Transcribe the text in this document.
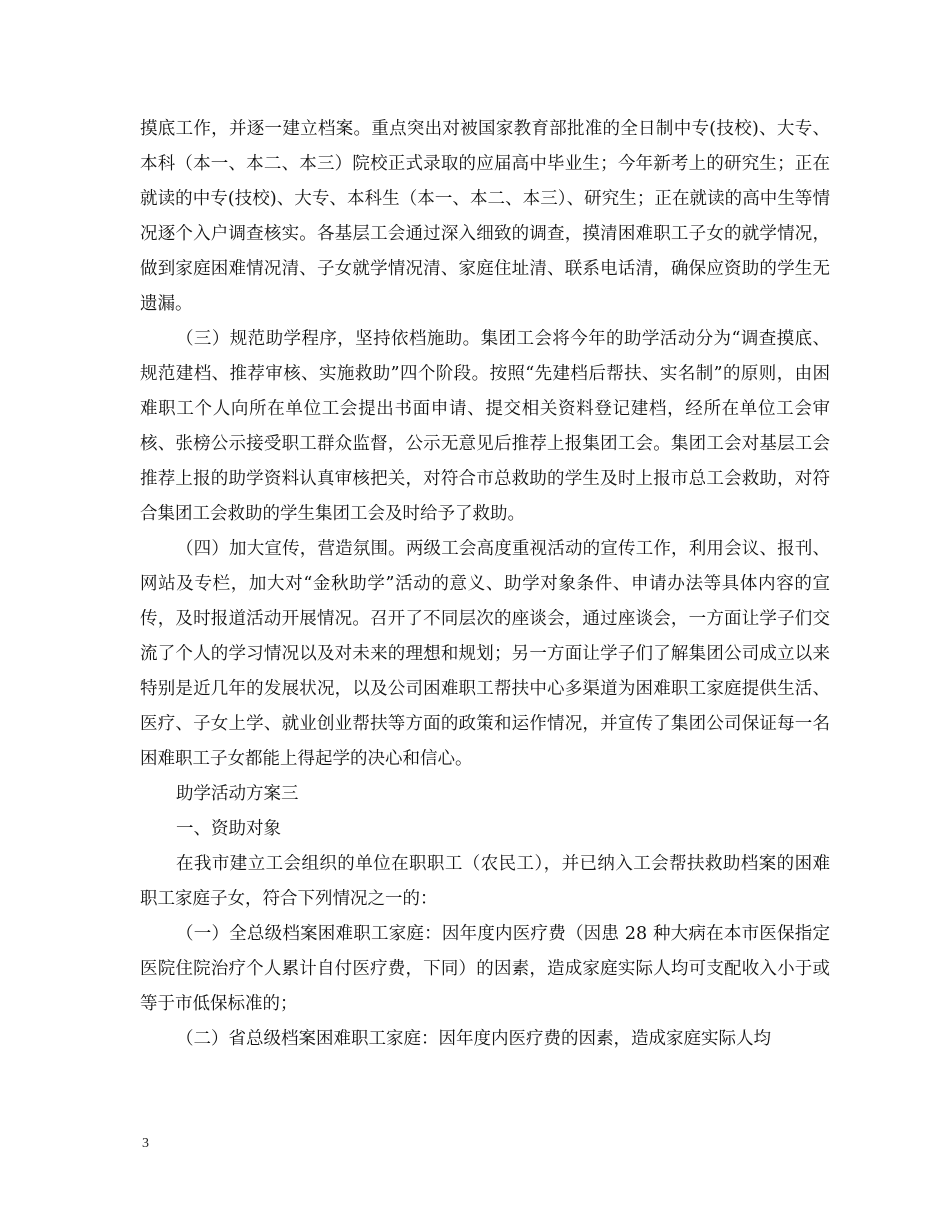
摸底工作，并逐一建立档案。重点突出对被国家教育部批准的全日制中专(技校)、大专、本科（本一、本二、本三）院校正式录取的应届高中毕业生；今年新考上的研究生；正在就读的中专(技校)、大专、本科生（本一、本二、本三）、研究生；正在就读的高中生等情况逐个入户调查核实。各基层工会通过深入细致的调查，摸清困难职工子女的就学情况，做到家庭困难情况清、子女就学情况清、家庭住址清、联系电话清，确保应资助的学生无遗漏。

（三）规范助学程序，坚持依档施助。集团工会将今年的助学活动分为“调查摸底、规范建档、推荐审核、实施救助”四个阶段。按照“先建档后帮扶、实名制”的原则，由困难职工个人向所在单位工会提出书面申请、提交相关资料登记建档，经所在单位工会审核、张榜公示接受职工群众监督，公示无意见后推荐上报集团工会。集团工会对基层工会推荐上报的助学资料认真审核把关，对符合市总救助的学生及时上报市总工会救助，对符合集团工会救助的学生集团工会及时给予了救助。

（四）加大宣传，营造氛围。两级工会高度重视活动的宣传工作，利用会议、报刊、网站及专栏，加大对“金秋助学”活动的意义、助学对象条件、申请办法等具体内容的宣传，及时报道活动开展情况。召开了不同层次的座谈会，通过座谈会，一方面让学子们交流了个人的学习情况以及对未来的理想和规划；另一方面让学子们了解集团公司成立以来特别是近几年的发展状况，以及公司困难职工帮扶中心多渠道为困难职工家庭提供生活、医疗、子女上学、就业创业帮扶等方面的政策和运作情况，并宣传了集团公司保证每一名困难职工子女都能上得起学的决心和信心。

助学活动方案三

一、资助对象

在我市建立工会组织的单位在职职工（农民工），并已纳入工会帮扶救助档案的困难职工家庭子女，符合下列情况之一的：

（一）全总级档案困难职工家庭：因年度内医疗费（因患 28 种大病在本市医保指定医院住院治疗个人累计自付医疗费，下同）的因素，造成家庭实际人均可支配收入小于或等于市低保标准的；

（二）省总级档案困难职工家庭：因年度内医疗费的因素，造成家庭实际人均

3
